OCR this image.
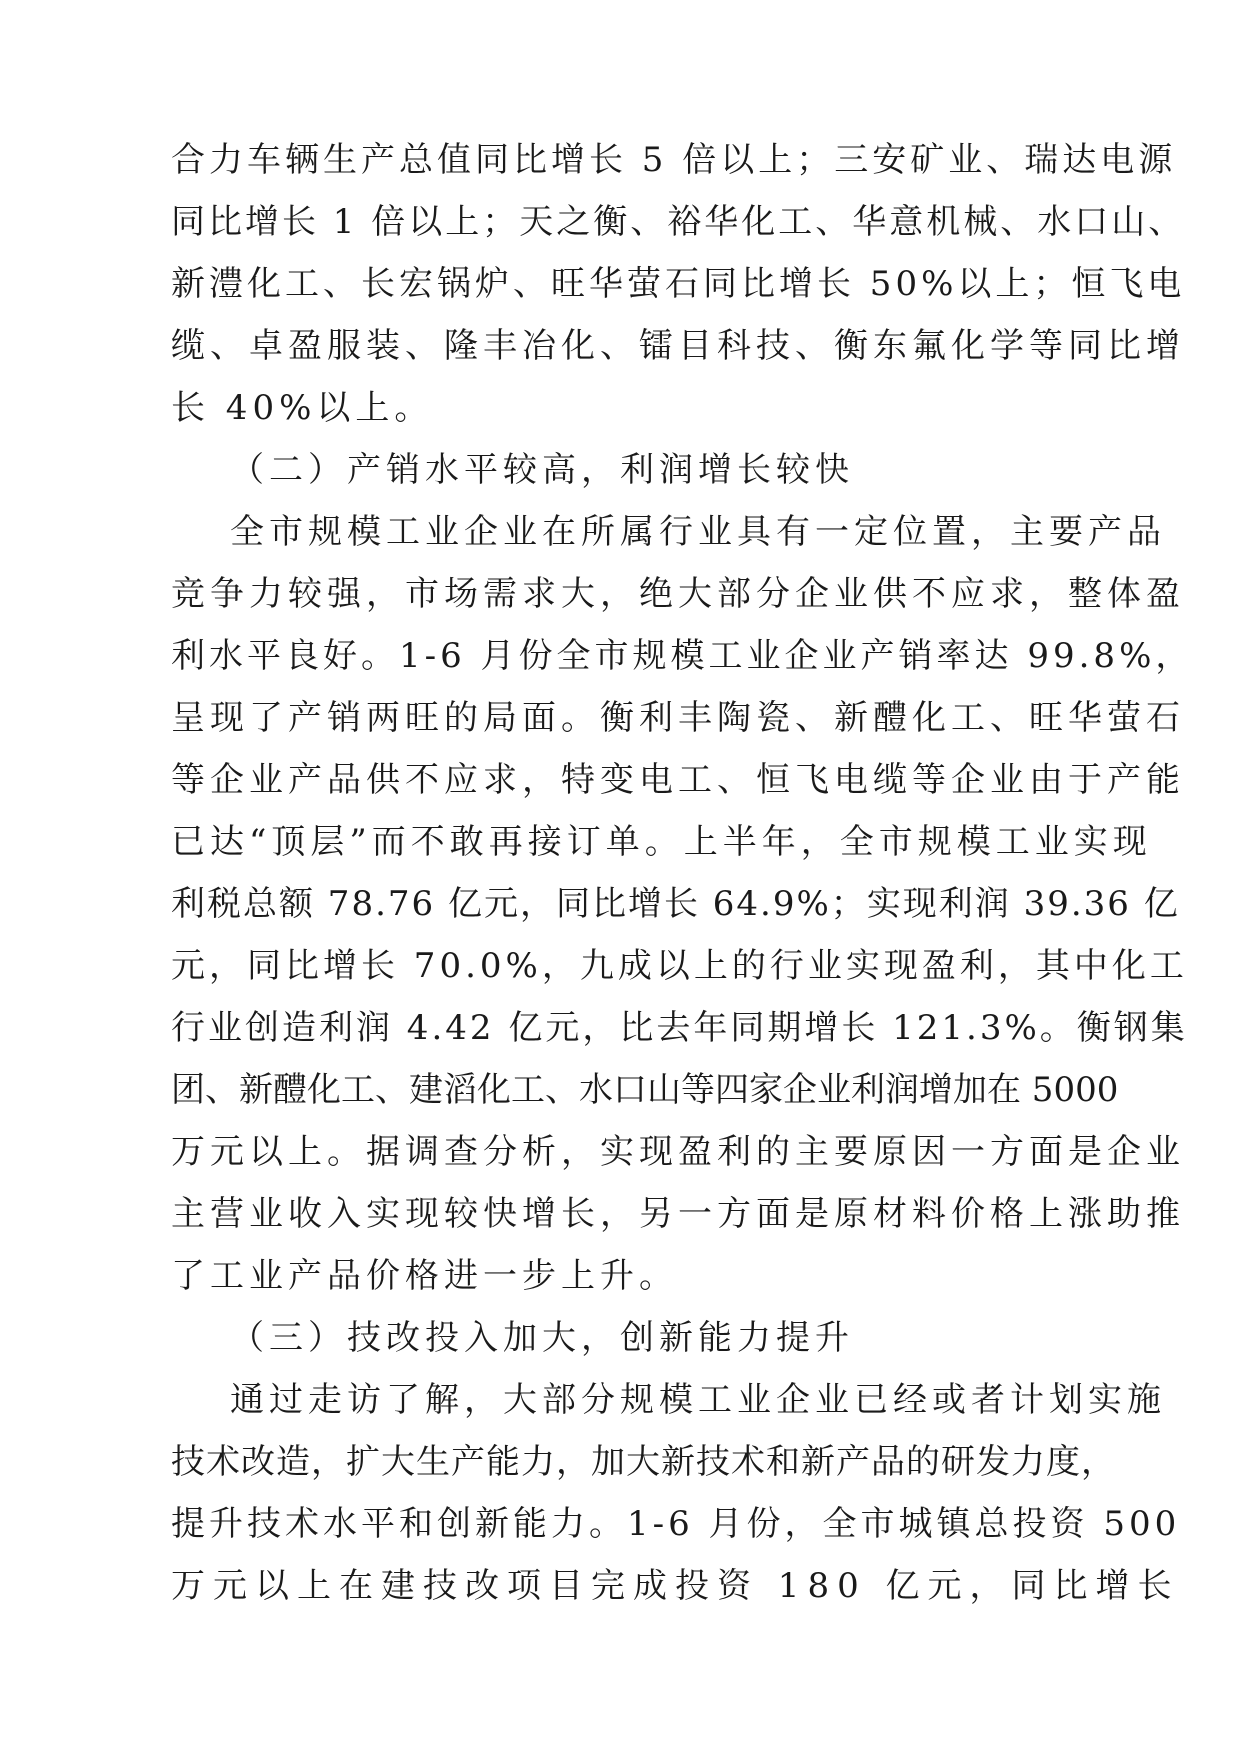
合力车辆生产总值同比增长 5 倍以上；三安矿业、瑞达电源
同比增长 1 倍以上；天之衡、裕华化工、华意机械、水口山、
新澧化工、长宏锅炉、旺华萤石同比增长 50%以上；恒飞电
缆、卓盈服装、隆丰冶化、镭目科技、衡东氟化学等同比增
长 40%以上。
（二）产销水平较高，利润增长较快
全市规模工业企业在所属行业具有一定位置，主要产品
竞争力较强，市场需求大，绝大部分企业供不应求，整体盈
利水平良好。1-6 月份全市规模工业企业产销率达 99.8%，
呈现了产销两旺的局面。衡利丰陶瓷、新醴化工、旺华萤石
等企业产品供不应求，特变电工、恒飞电缆等企业由于产能
已达“顶层”而不敢再接订单。上半年，全市规模工业实现
利税总额 78.76 亿元，同比增长 64.9%；实现利润 39.36 亿
元，同比增长 70.0%，九成以上的行业实现盈利，其中化工
行业创造利润 4.42 亿元，比去年同期增长 121.3%。衡钢集
团、新醴化工、建滔化工、水口山等四家企业利润增加在 5000
万元以上。据调查分析，实现盈利的主要原因一方面是企业
主营业收入实现较快增长，另一方面是原材料价格上涨助推
了工业产品价格进一步上升。
（三）技改投入加大，创新能力提升
通过走访了解，大部分规模工业企业已经或者计划实施
技术改造，扩大生产能力，加大新技术和新产品的研发力度，
提升技术水平和创新能力。1-6 月份，全市城镇总投资 500
万元以上在建技改项目完成投资 180 亿元，同比增长
